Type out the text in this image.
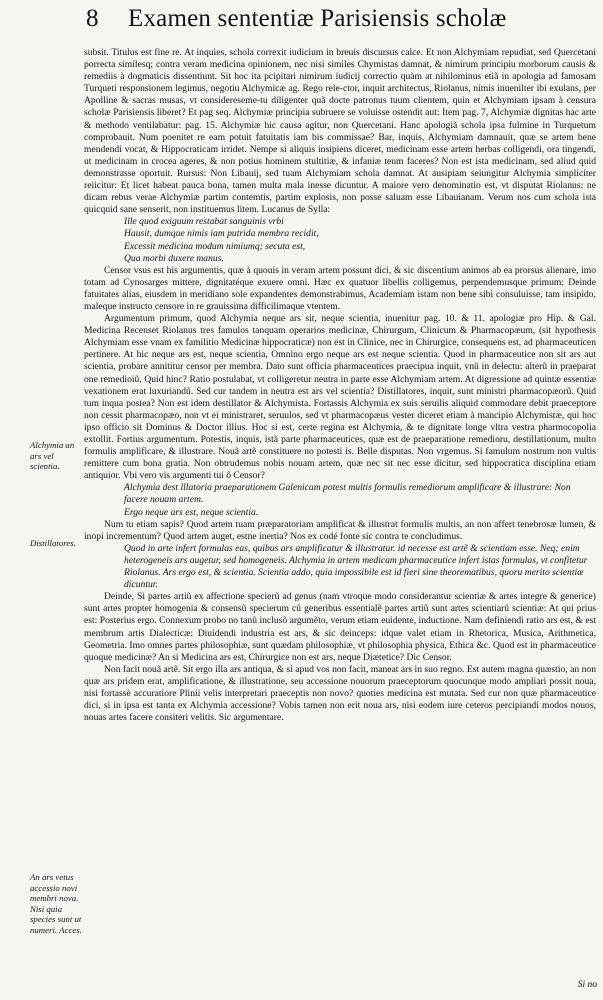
8 Examen sententiæ Parisiensis scholæ
Alchymia an ars vel scientia.
Distillatores.
An ars vetus accessio novi membri nova. Nisi quia species sunt ut numeri. Acces.

subsit. Titulus est fine re. At inquies, schola correxit iudicium in breuis discursus calce. Et non Alchymiam repudiat, sed Quercetani porrecta similesq; contra veram medicina opinionem, nec nisi similes Chymistas damnat, & nimirum principiu morborum causis & remediis à dogmaticis dissentiunt. Sit hoc ita pcipitari nimirum iudicij correctio quàm at nihilominus etiã in apologia ad famosam Turqueti responsionem legimus, negotiu Alchymicæ ag. Rego rele-ctor, inquit architectus, Riolanus, nimis inuenilter ibi exulans, per Apolline & sacras musas, vt considereseme-tu diligenter quã docte patronus tuum clientem, quin et Alchymiam ipsam à censura scholæ Parisiensis liberet? Et pag seq. Alchymiæ principia subruere se voluisse ostendit aut: Item pag. 7, Alchymiæ dignitas hac arte & methodo ventilabatur: pag. 15. Alchymiæ hic causa agitur, non Quercetani. Hanc apologiã schola ipsa fulmine in Turquetum comprobauit. Num poenitet re eam potuit fatuitatis iam bis commissae? Bar, inquis, Alchymiam damnauit, quæ se artem bene mendendi vocat, & Hippocraticam irridet. Nempe si aliquis insipiens diceret, medicinam esse artem herbas colligendi, ora tingendi, ut medicinam in crocea ageres, & non potius hominem stultitiæ, & infaniæ teum faceres? Non est ista medicinam, sed aliud quid demonstrasse oportuit. Rursus: Non Libauij, sed tuam Alchymiam schola damnat. At ausipiam seiungitur Alchymia simpliciter reiicitur: Et licet habeat pauca bona, tamen multa mala inesse dicuntur. A maiore vero denominatio est, vt disputat Riolanus: ne dicam rebus verae Alchymiæ partim contemtis, partim explosis, non posse saluam esse Libauianam. Verum nos cum schola ista quicquid sane senserit, non instituemus litem. Lucanus de Sylla:

Ille quod exiguum restabat sanguinis vrbi

Hausit, dumque nimis iam putrida membra recidit,

Excessit medicina modum nimiumq; secuta est,

Qua morbi duxere manus.

Censor vsus est his argumentis, quæ à quouis in veram artem possunt dici, & sic discentium animos ab ea prorsus alienare, imo totam ad Cynosarges mittere, dignitatéque exuere omni. Hæc ex quatuor libellis colligemus, perpendemusque primum: Deinde fatuitates alias, eiusdem in meridiano sole expandentes demonstrabimus, Academiam istam non bene sibi consuluisse, tam insipido, maleque instructo censore in re grauissima difficilimaque vtentem.

Argumentum primum, quod Alchymia neque ars sit, neque scientia, inuenitur pag. 10. & 11. apologiæ pro Hip. & Gal. Medicina Recenset Riolanus tres famulos tanquam operarios medicinæ, Chirurgum, Clinicum & Pharmacopæum, (sit hypothesis Alchymiam esse vnam ex familitio Medicinæ hippocraticæ) non est in Clinice, nec in Chirurgice, consequens est, ad pharmaceuticen pertinere. At hic neque ars est, neque scientia, Omnino ergo neque ars est neque scientia. Quod in pharmaceutice non sit ars aut scientia, probare annititur censor per membra. Dato sunt officia pharmaceutices praecipua inquit, vnũ in delectu: alterũ in praeparat one remedioiũ. Quid hinc? Ratio postulabat, vt colligeretur neutra in parte esse Alchymiam artem. At digressione ad quintæ essentiæ vexationem erat luxuriandũ. Sed cur tandem in neutra est ars vel scientia? Distillatores, inquit, sunt ministri pharmacopæorũ. Quid tum inqua postea? Non est idem destillator & Alchymista. Fortassis Alchymia ex suis seruilis aliquid commodare debit praeceptore non cessit pharmacopæo, non vt ei ministraret, seruulos, sed vt pharmacopæus vester diceret etiam à mancipio Alchymistæ, qui hoc ipso officio sit Dominus & Doctor illius. Hoc si est, certe regina est Alchymia, & te dignitate longe vltra vestra pharmocopolia extollit. Fortius argumentum. Potestis, inquis, istã parte pharmaceutices, quæ est de praeparatione remedioru, destillationum, multo formulis amplificare, & illustrare. Nouã artẽ constituere no potesti is. Belle disputas. Non vrgemus. Si famulum nostrum non vultis remittere cum bona gratia. Non obtrudemus nobis nouam artem, quæ nec sit nec esse dicitur, sed hippocratica disciplina etiam antiquior. Vbi vero vis argumenti tui ô Censor?

Alchymia dest lllatoria praeparationem Galenicam potest multis formulis remediorum amplificare & illustrare: Non facere nouam artem.

Ergo neque ars est, neque scientia.

Num tu etiam sapis? Quod artem tuam præparatoriam amplificat & illustrat formulis multis, an non affert tenebrosæ lumen, & inopi incrementum? Quod artem auget, estne inertia? Nos ex codé fonte sic contra te concludimus.

Quod in arte infert formulas eas, quibus ars amplificatur & illustratur. id necesse est artẽ & scientiam esse. Neq; enim heterogeneis ars augetur, sed homogeneis. Alchymia in artem medicam pharmaceutice infert istas formulas, vt confitetur Riolanus. Ars ergo est, & scientia. Scientia addo, quia impossibile est id fieri sine theorematibus, quoru merito scientiæ dicuntur.

Deinde, Si partes artiũ ex affectione specierũ ad genus (nam vtroque modo considerantur scientiæ & artes integre & generice) sunt artes propter homogenia & consensũ specierum cũ generibus essentialẽ partes artiũ sunt artes scientiarũ scientiæ: At qui prius est: Posterius ergo. Connexum probo no tanũ inclusõ argumẽto, verum etiam euidente, inductione. Nam definiendi ratio ars est, & est membrum artis Dialecticæ: Diuidendi industria est ars, & sic deinceps: idque valet etiam in Rhetorica, Musica, Arithmetica, Geometria. Imo omnes partes philosophiæ, sunt quædam philosophiæ, vt philosophia physica, Ethica &c. Quod est in pharmaceutice quoque medicinæ? An si Medicina ars est, Chirurgice non est ars, neque Diætetice? Dic Censor.

Non facit nouã artẽ. Sit ergo illa ars antiqua, & si apud vos non facit, maneat ars in suo regno. Est autem magna quæstio, an non quæ ars pridem erat, amplificatione, & illustratione, seu accessione nouorum praeceptorum quocunque modo ampliari possit noua, nisi fortassè accuratiore Plinii velis interpretari praeceptis non novo? quoties medicina est mutata. Sed cur non quæ pharmaceutice dici, si in ipsa est tanta ex Alchymia accessione? Vobis tamen non erit noua ars, nisi eodem iure ceteros percipiandi modos nouos, nouas artes facere consiteri velitis. Sic argumentare.

Si no
